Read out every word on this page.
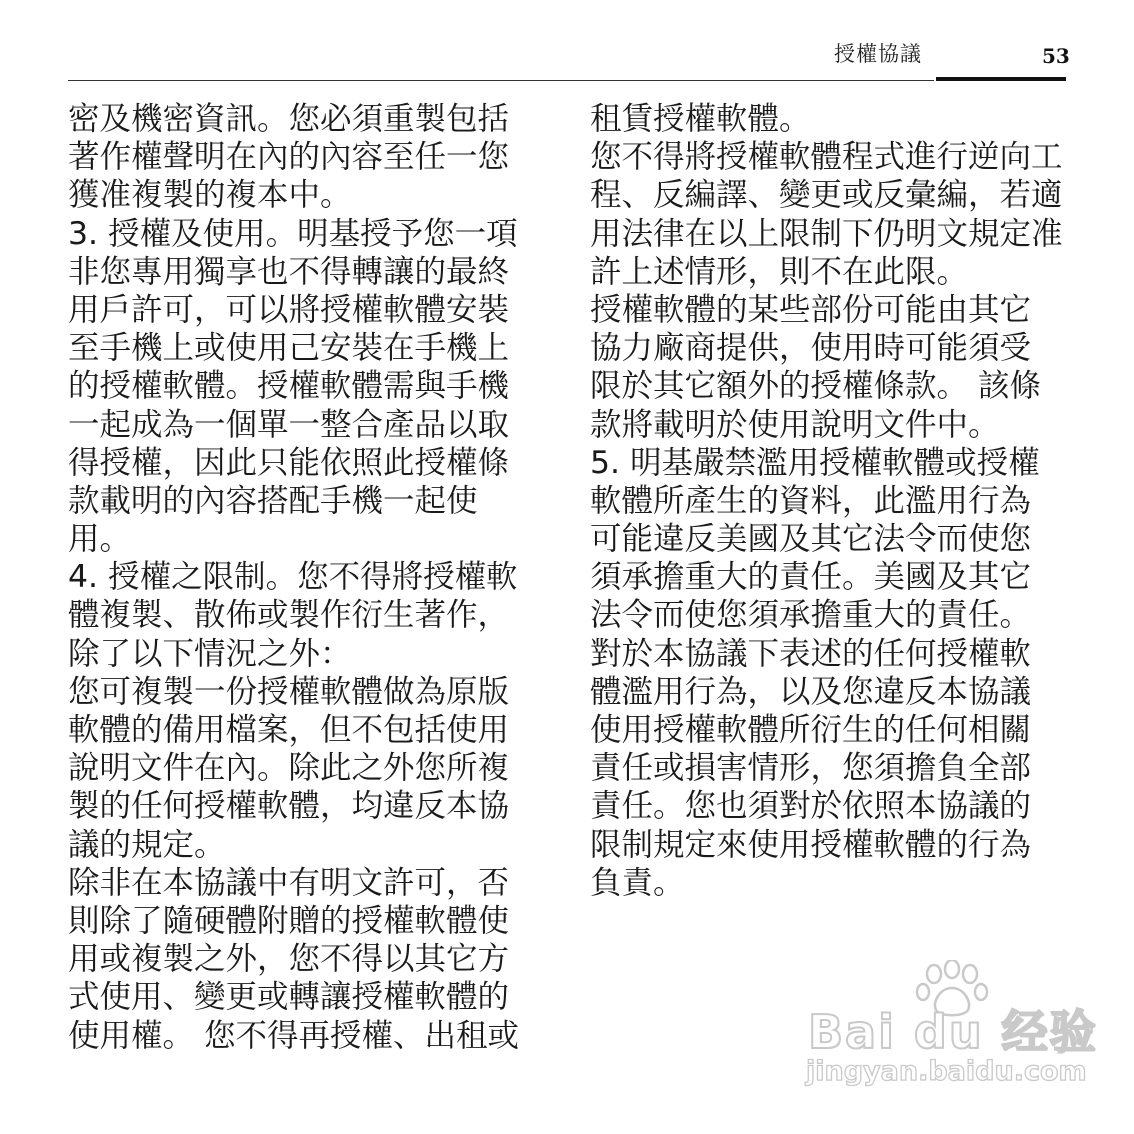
授權協議	53
密及機密資訊。您必須重製包括
著作權聲明在內的內容至任一您
獲准複製的複本中。
3. 授權及使用。明基授予您一項
非您專用獨享也不得轉讓的最終
用戶許可，可以將授權軟體安裝
至手機上或使用己安裝在手機上
的授權軟體。授權軟體需與手機
一起成為一個單一整合產品以取
得授權，因此只能依照此授權條
款載明的內容搭配手機一起使
用。
4. 授權之限制。您不得將授權軟
體複製、散佈或製作衍生著作，
除了以下情況之外：
您可複製一份授權軟體做為原版
軟體的備用檔案，但不包括使用
說明文件在內。除此之外您所複
製的任何授權軟體，均違反本協
議的規定。
除非在本協議中有明文許可，否
則除了隨硬體附贈的授權軟體使
用或複製之外，您不得以其它方
式使用、變更或轉讓授權軟體的
使用權。 您不得再授權、出租或
租賃授權軟體。
您不得將授權軟體程式進行逆向工
程、反編譯、變更或反彙編，若適
用法律在以上限制下仍明文規定准
許上述情形，則不在此限。
授權軟體的某些部份可能由其它
協力廠商提供，使用時可能須受
限於其它額外的授權條款。 該條
款將載明於使用說明文件中。
5. 明基嚴禁濫用授權軟體或授權
軟體所產生的資料，此濫用行為
可能違反美國及其它法令而使您
須承擔重大的責任。美國及其它
法令而使您須承擔重大的責任。
對於本協議下表述的任何授權軟
體濫用行為，以及您違反本協議
使用授權軟體所衍生的任何相關
責任或損害情形，您須擔負全部
責任。您也須對於依照本協議的
限制規定來使用授權軟體的行為
負責。
Bai du 经验
jingyan.baidu.com
